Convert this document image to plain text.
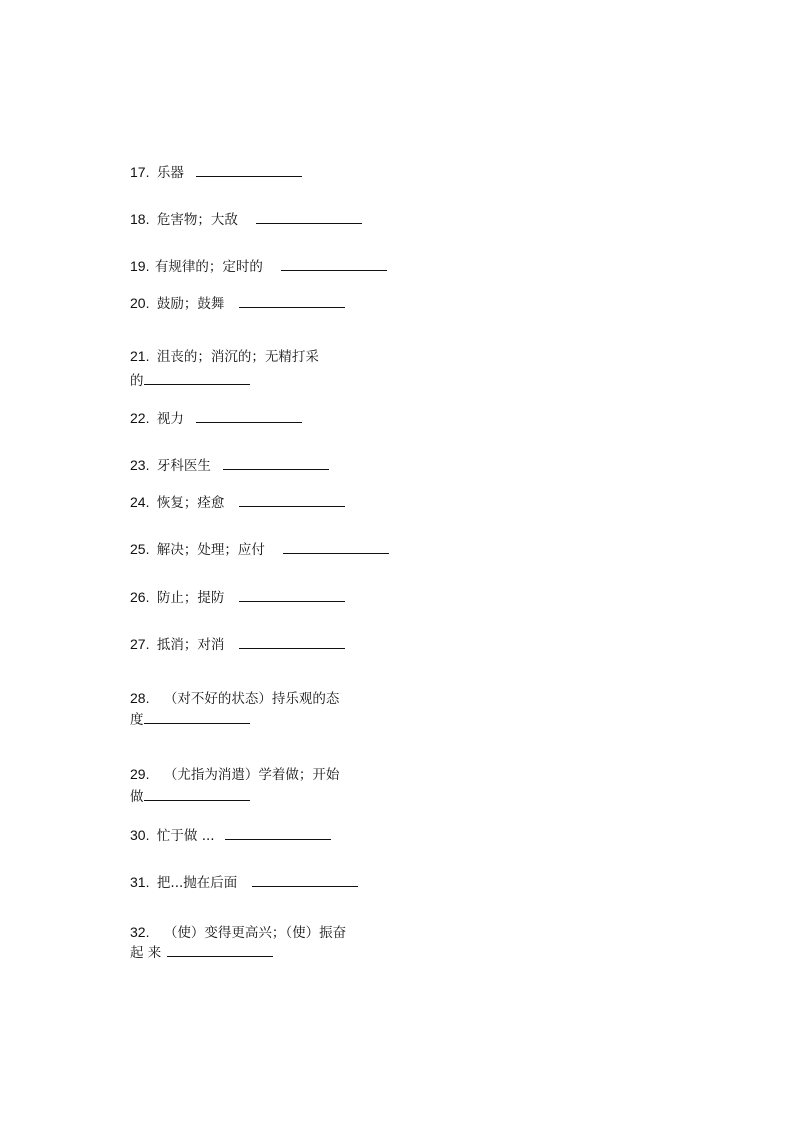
17. 乐器
18. 危害物；大敌
19. 有规律的；定时的
20. 鼓励；鼓舞
21. 沮丧的；消沉的；无精打采
的
22. 视力
23. 牙科医生
24. 恢复；痊愈
25. 解决；处理；应付
26. 防止；提防
27. 抵消；对消
28. （对不好的状态）持乐观的态
度
29. （尤指为消遣）学着做；开始
做
30. 忙于做 ...
31. 把...抛在后面
32. （使）变得更高兴；（使）振奋
起 来
